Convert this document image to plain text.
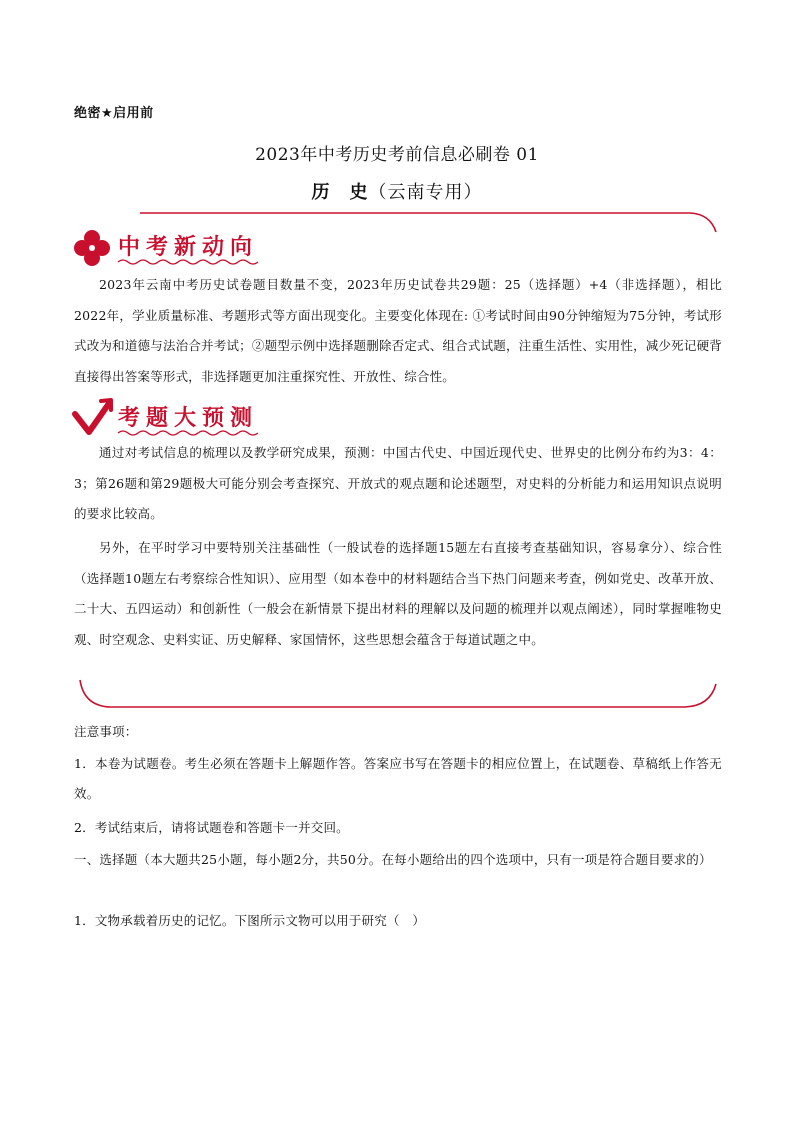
绝密★启用前
2023年中考历史考前信息必刷卷 01
历　史（云南专用）
中考新动向
2023年云南中考历史试卷题目数量不变，2023年历史试卷共29题：25（选择题）+4（非选择题），相比2022年，学业质量标准、考题形式等方面出现变化。主要变化体现在: ①考试时间由90分钟缩短为75分钟，考试形式改为和道德与法治合并考试；②题型示例中选择题删除否定式、组合式试题，注重生活性、实用性，减少死记硬背直接得出答案等形式，非选择题更加注重探究性、开放性、综合性。
考题大预测
通过对考试信息的梳理以及教学研究成果，预测：中国古代史、中国近现代史、世界史的比例分布约为3：4：3；第26题和第29题极大可能分别会考查探究、开放式的观点题和论述题型，对史料的分析能力和运用知识点说明的要求比较高。
另外，在平时学习中要特别关注基础性（一般试卷的选择题15题左右直接考查基础知识，容易拿分）、综合性（选择题10题左右考察综合性知识）、应用型（如本卷中的材料题结合当下热门问题来考查，例如党史、改革开放、二十大、五四运动）和创新性（一般会在新情景下提出材料的理解以及问题的梳理并以观点阐述），同时掌握唯物史观、时空观念、史料实证、历史解释、家国情怀，这些思想会蕴含于每道试题之中。
注意事项：
1．本卷为试题卷。考生必须在答题卡上解题作答。答案应书写在答题卡的相应位置上，在试题卷、草稿纸上作答无效。
2．考试结束后，请将试题卷和答题卡一并交回。
一、选择题（本大题共25小题，每小题2分，共50分。在每小题给出的四个选项中，只有一项是符合题目要求的）
1．文物承载着历史的记忆。下图所示文物可以用于研究（　）
